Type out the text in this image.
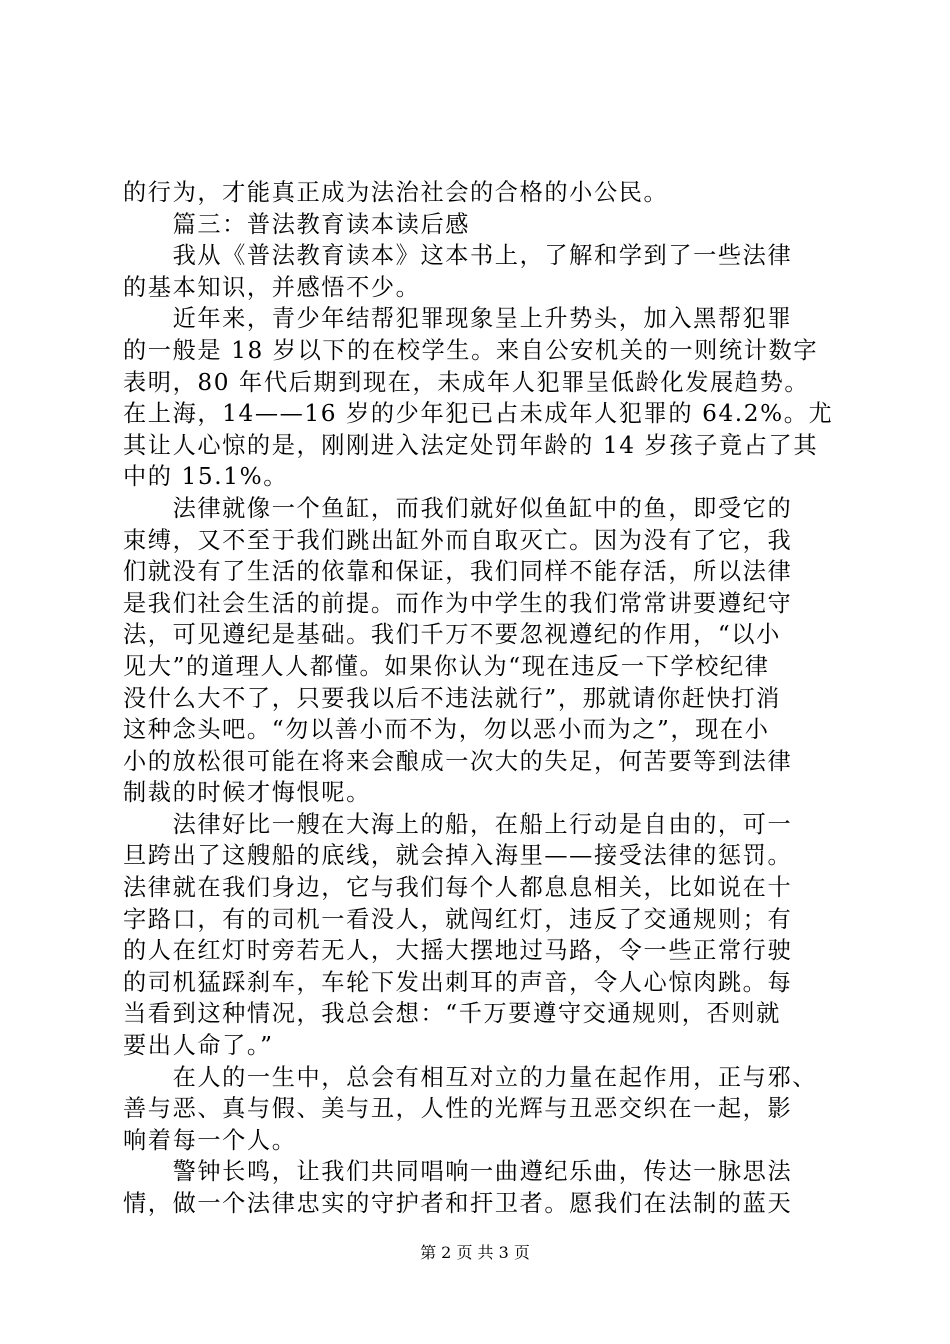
的行为，才能真正成为法治社会的合格的小公民。
　　篇三：普法教育读本读后感
　　我从《普法教育读本》这本书上，了解和学到了一些法律
的基本知识，并感悟不少。
　　近年来，青少年结帮犯罪现象呈上升势头，加入黑帮犯罪
的一般是 18 岁以下的在校学生。来自公安机关的一则统计数字
表明，80 年代后期到现在，未成年人犯罪呈低龄化发展趋势。
在上海，14——16 岁的少年犯已占未成年人犯罪的 64.2%。尤
其让人心惊的是，刚刚进入法定处罚年龄的 14 岁孩子竟占了其
中的 15.1%。
　　法律就像一个鱼缸，而我们就好似鱼缸中的鱼，即受它的
束缚，又不至于我们跳出缸外而自取灭亡。因为没有了它，我
们就没有了生活的依靠和保证，我们同样不能存活，所以法律
是我们社会生活的前提。而作为中学生的我们常常讲要遵纪守
法，可见遵纪是基础。我们千万不要忽视遵纪的作用，“以小
见大”的道理人人都懂。如果你认为“现在违反一下学校纪律
没什么大不了，只要我以后不违法就行”，那就请你赶快打消
这种念头吧。“勿以善小而不为，勿以恶小而为之”，现在小
小的放松很可能在将来会酿成一次大的失足，何苦要等到法律
制裁的时候才悔恨呢。
　　法律好比一艘在大海上的船，在船上行动是自由的，可一
旦跨出了这艘船的底线，就会掉入海里——接受法律的惩罚。
法律就在我们身边，它与我们每个人都息息相关，比如说在十
字路口，有的司机一看没人，就闯红灯，违反了交通规则；有
的人在红灯时旁若无人，大摇大摆地过马路，令一些正常行驶
的司机猛踩刹车，车轮下发出刺耳的声音，令人心惊肉跳。每
当看到这种情况，我总会想：“千万要遵守交通规则，否则就
要出人命了。”
　　在人的一生中，总会有相互对立的力量在起作用，正与邪、
善与恶、真与假、美与丑，人性的光辉与丑恶交织在一起，影
响着每一个人。
　　警钟长鸣，让我们共同唱响一曲遵纪乐曲，传达一脉思法
情，做一个法律忠实的守护者和扞卫者。愿我们在法制的蓝天
第 2 页 共 3 页
